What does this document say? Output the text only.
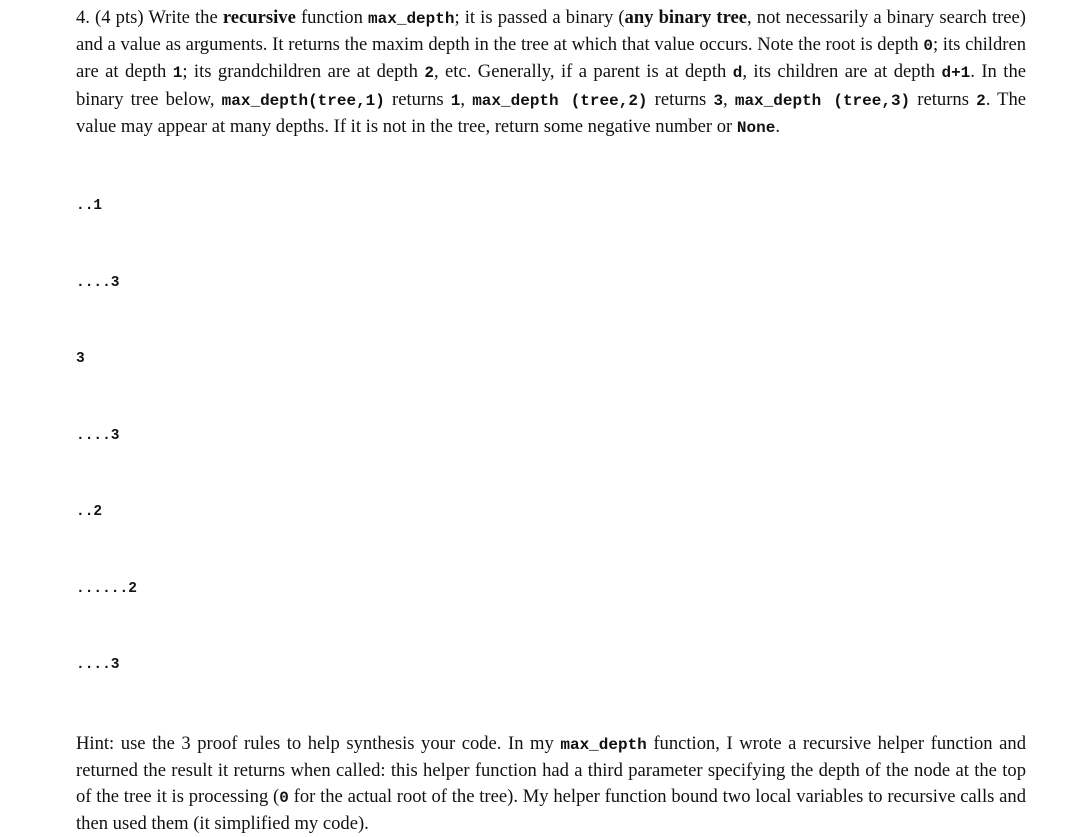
4. (4 pts) Write the recursive function max_depth; it is passed a binary (any binary tree, not necessarily a binary search tree) and a value as arguments. It returns the maxim depth in the tree at which that value occurs. Note the root is depth 0; its children are at depth 1; its grandchildren are at depth 2, etc. Generally, if a parent is at depth d, its children are at depth d+1. In the binary tree below, max_depth(tree,1) returns 1, max_depth (tree,2) returns 3, max_depth (tree,3) returns 2. The value may appear at many depths. If it is not in the tree, return some negative number or None.

..1

....3

3

....3

..2

......2

....3

Hint: use the 3 proof rules to help synthesis your code. In my max_depth function, I wrote a recursive helper function and returned the result it returns when called: this helper function had a third parameter specifying the depth of the node at the top of the tree it is processing (0 for the actual root of the tree). My helper function bound two local variables to recursive calls and then used them (it simplified my code).
